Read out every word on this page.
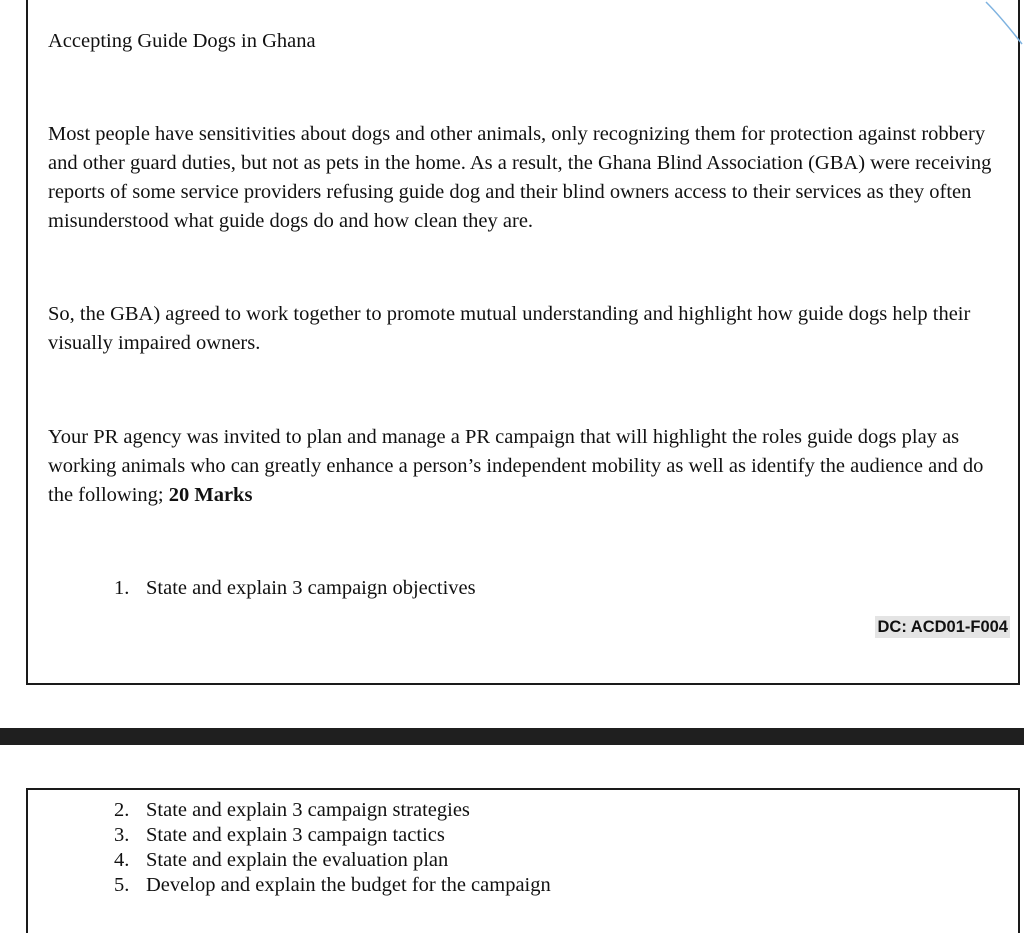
Accepting Guide Dogs in Ghana

Most people have sensitivities about dogs and other animals, only recognizing them for protection against robbery and other guard duties, but not as pets in the home. As a result, the Ghana Blind Association (GBA) were receiving reports of some service providers refusing guide dog and their blind owners access to their services as they often misunderstood what guide dogs do and how clean they are.

So, the GBA) agreed to work together to promote mutual understanding and highlight how guide dogs help their visually impaired owners.

Your PR agency was invited to plan and manage a PR campaign that will highlight the roles guide dogs play as working animals who can greatly enhance a person’s independent mobility as well as identify the audience and do the following; 20 Marks

1. State and explain 3 campaign objectives
DC: ACD01-F004
2. State and explain 3 campaign strategies
3. State and explain 3 campaign tactics
4. State and explain the evaluation plan
5. Develop and explain the budget for the campaign
